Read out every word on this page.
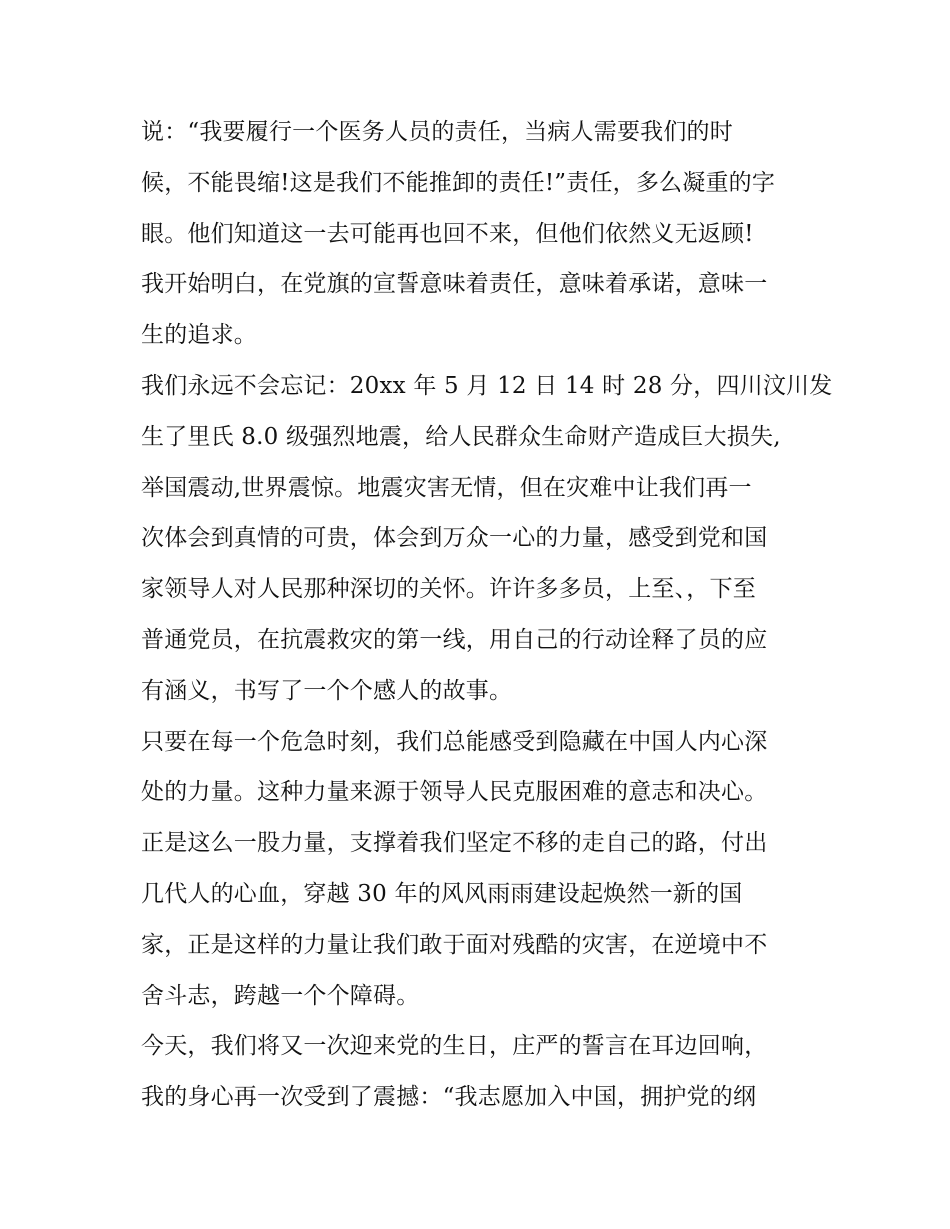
说：“我要履行一个医务人员的责任，当病人需要我们的时
候，不能畏缩!这是我们不能推卸的责任!”责任，多么凝重的字
眼。他们知道这一去可能再也回不来，但他们依然义无返顾!
我开始明白，在党旗的宣誓意味着责任，意味着承诺，意味一
生的追求。
我们永远不会忘记：20xx 年 5 月 12 日 14 时 28 分，四川汶川发
生了里氏 8.0 级强烈地震，给人民群众生命财产造成巨大损失,
举国震动,世界震惊。地震灾害无情，但在灾难中让我们再一
次体会到真情的可贵，体会到万众一心的力量，感受到党和国
家领导人对人民那种深切的关怀。许许多多员，上至、，下至
普通党员，在抗震救灾的第一线，用自己的行动诠释了员的应
有涵义，书写了一个个感人的故事。
只要在每一个危急时刻，我们总能感受到隐藏在中国人内心深
处的力量。这种力量来源于领导人民克服困难的意志和决心。
正是这么一股力量，支撑着我们坚定不移的走自己的路，付出
几代人的心血，穿越 30 年的风风雨雨建设起焕然一新的国
家，正是这样的力量让我们敢于面对残酷的灾害，在逆境中不
舍斗志，跨越一个个障碍。
今天，我们将又一次迎来党的生日，庄严的誓言在耳边回响，
我的身心再一次受到了震撼：“我志愿加入中国，拥护党的纲
